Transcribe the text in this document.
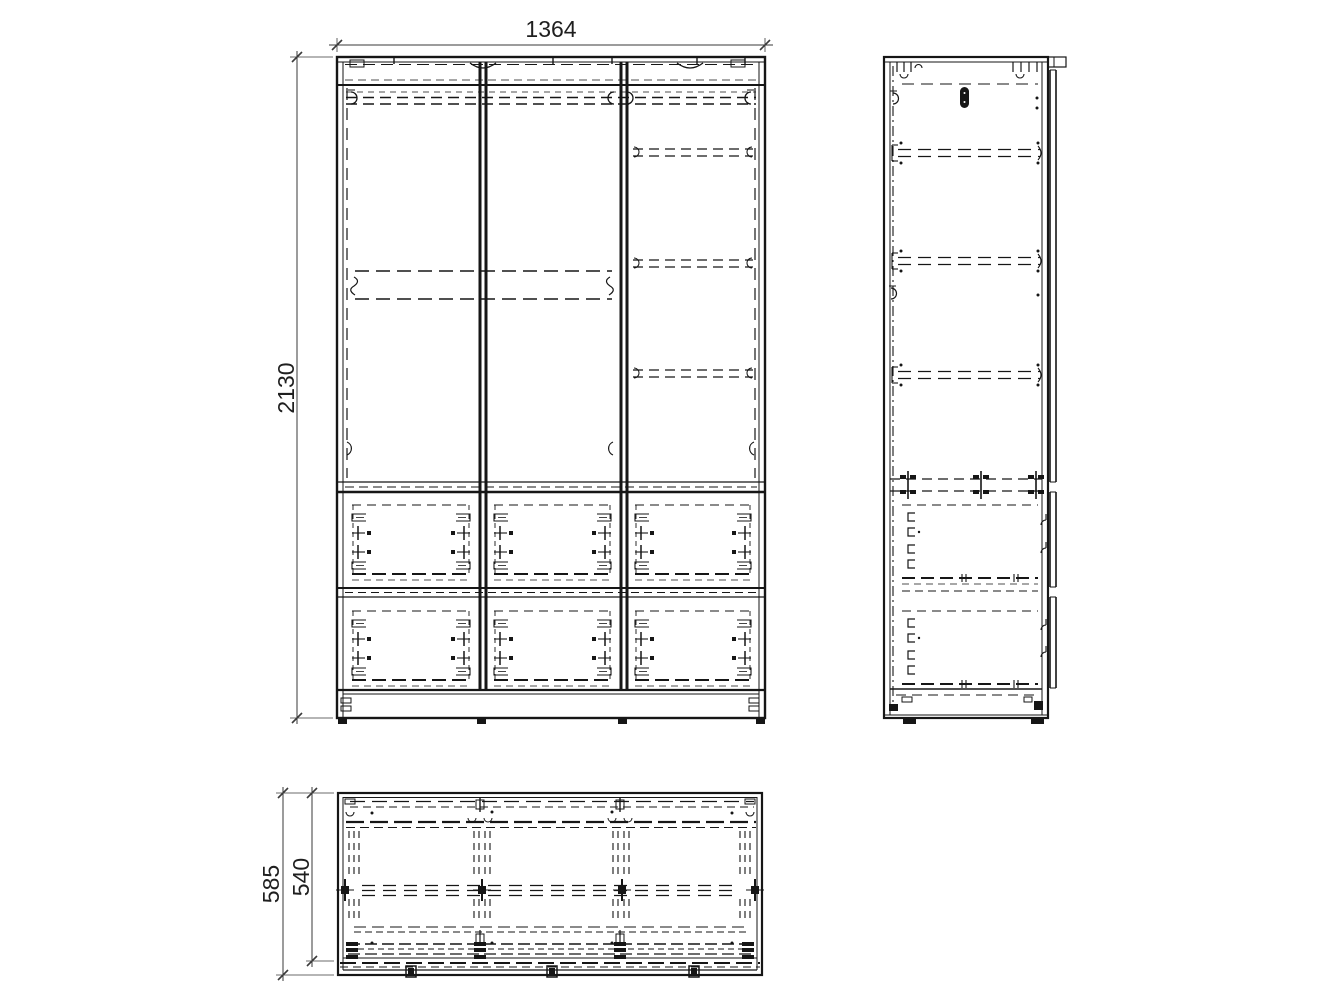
1364
2130
585 540
